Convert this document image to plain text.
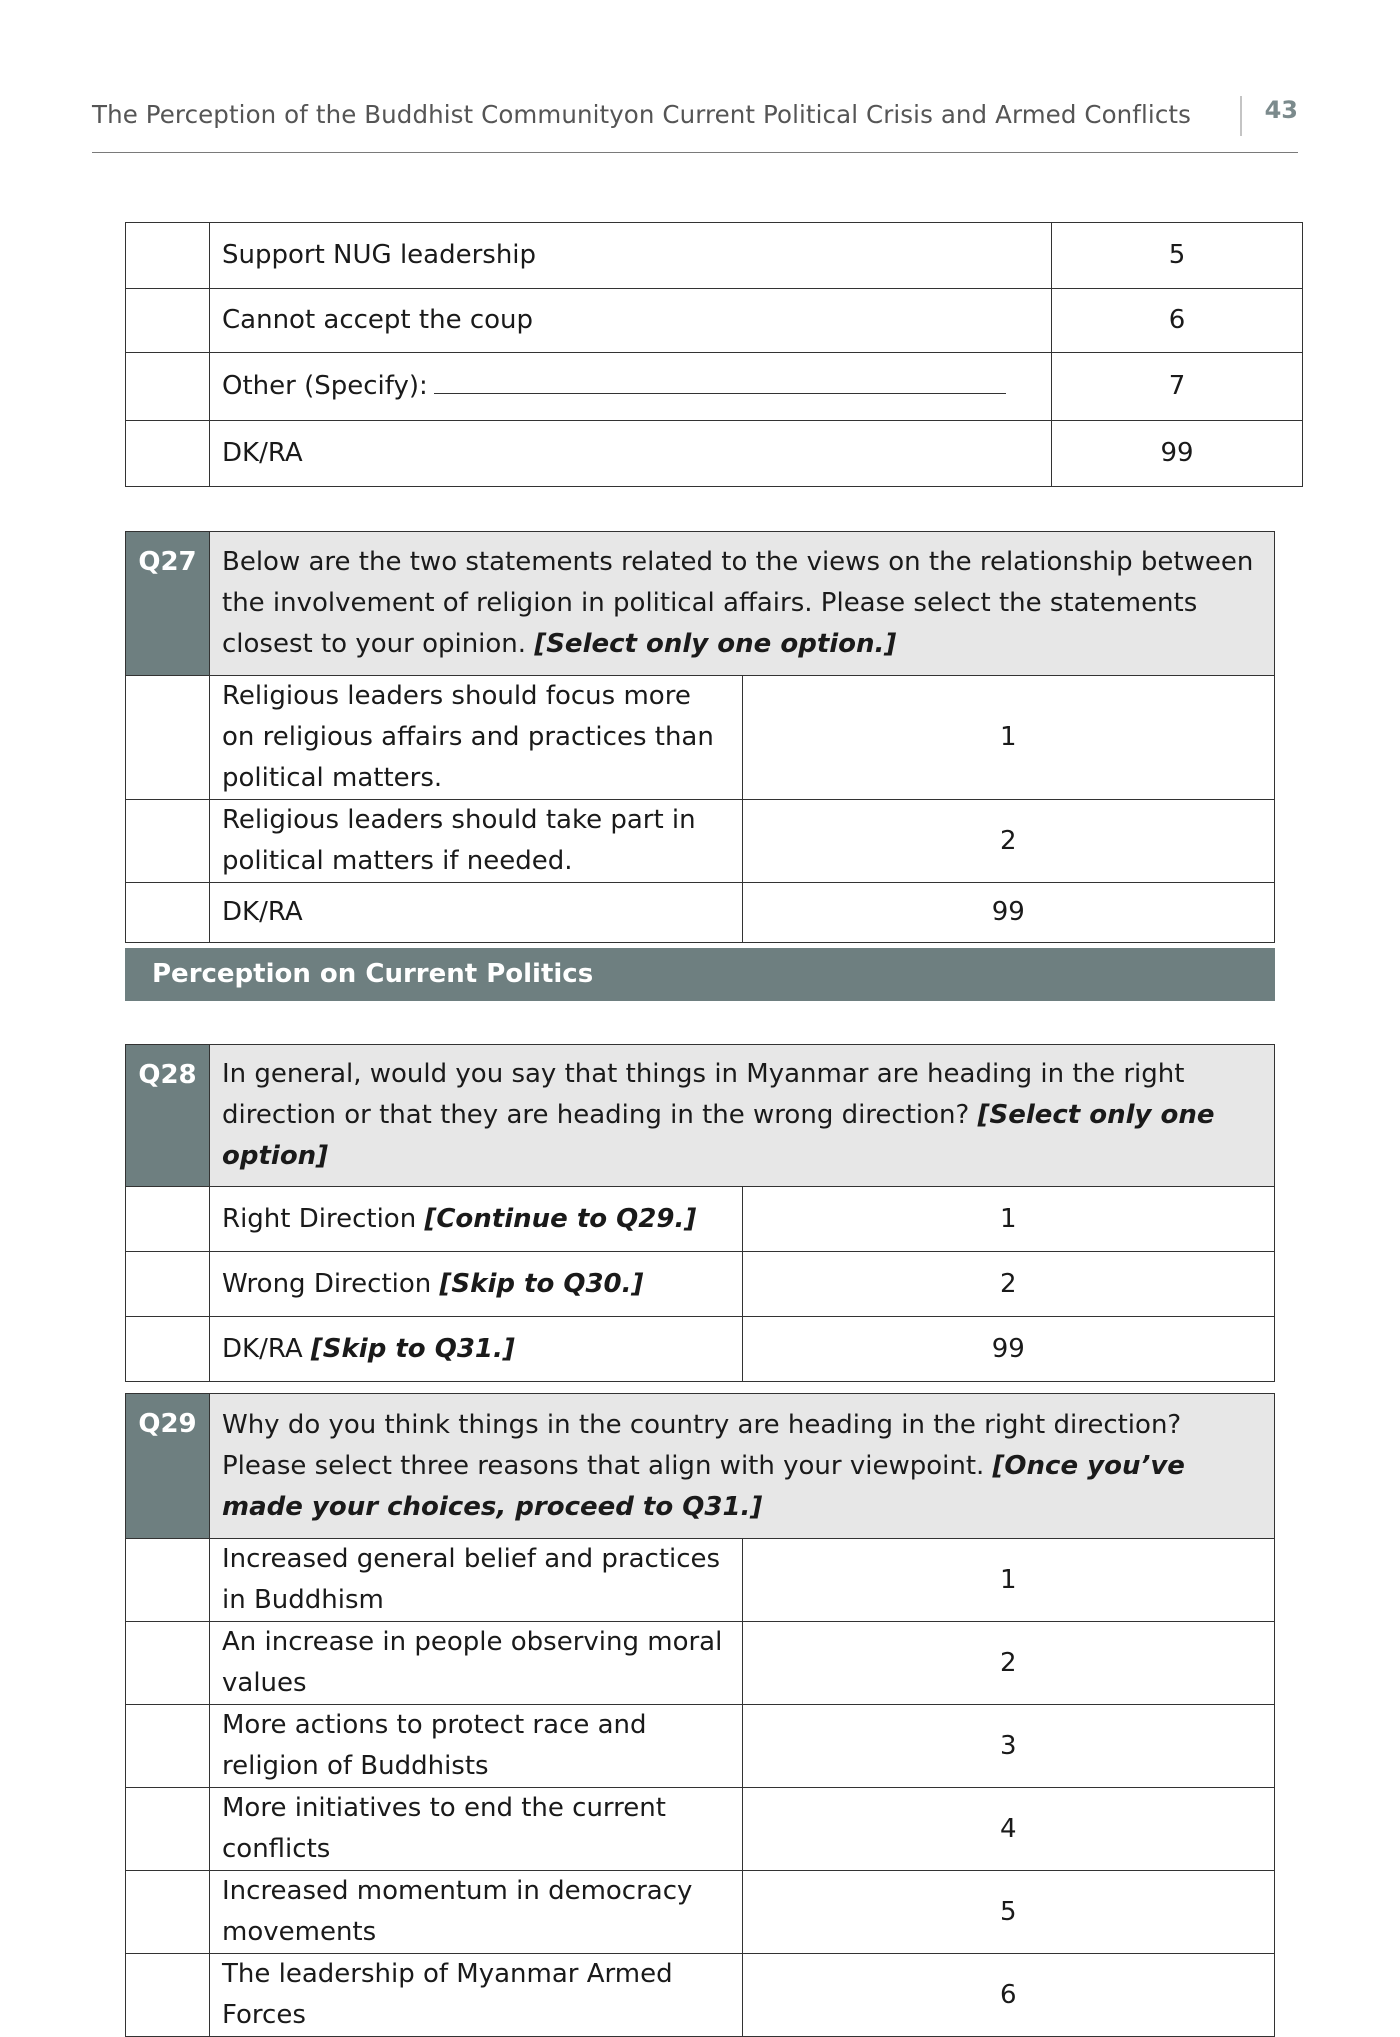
The Perception of the Buddhist Communityon Current Political Crisis and Armed Conflicts	43
	Support NUG leadership	5
	Cannot accept the coup	6
	Other (Specify):	7
	DK/RA	99
Q27	Below are the two statements related to the views on the relationship between the involvement of religion in political affairs. Please select the statements closest to your opinion. [Select only one option.]	
	Religious leaders should focus more on religious affairs and practices than political matters.	1
	Religious leaders should take part in political matters if needed.	2
	DK/RA	99
Perception on Current Politics
Q28	In general, would you say that things in Myanmar are heading in the right direction or that they are heading in the wrong direction? [Select only one option]	
	Right Direction [Continue to Q29.]	1
	Wrong Direction [Skip to Q30.]	2
	DK/RA [Skip to Q31.]	99
Q29	Why do you think things in the country are heading in the right direction? Please select three reasons that align with your viewpoint. [Once you’ve made your choices, proceed to Q31.]	
	Increased general belief and practices in Buddhism	1
	An increase in people observing moral values	2
	More actions to protect race and religion of Buddhists	3
	More initiatives to end the current conflicts	4
	Increased momentum in democracy movements	5
	The leadership of Myanmar Armed Forces	6
